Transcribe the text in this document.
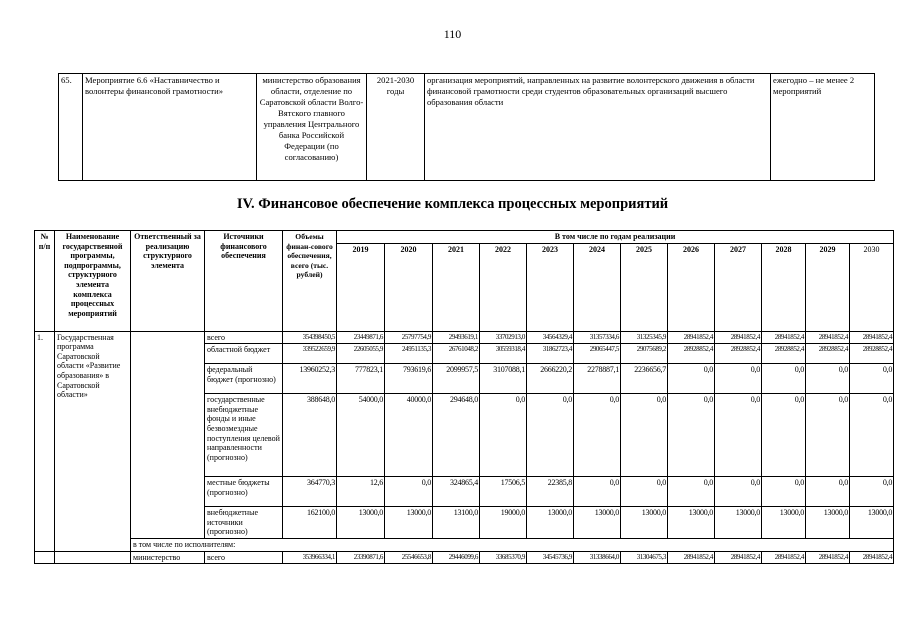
110
65.	Мероприятие 6.6 «Наставничество и волонтеры финансовой грамотности»	министерство образования области, отделение по Саратовской области Волго-Вятского главного управления Центрального банка Российской Федерации (по согласованию)	2021-2030 годы	организация мероприятий, направленных на развитие волонтерского движения в области финансовой грамотности среди студентов образовательных организаций высшего образования области	ежегодно – не менее 2 мероприятий
IV. Финансовое обеспечение комплекса процессных мероприятий
№ п/п	Наименование государственной программы, подпрограммы, структурного элемента комплекса процессных мероприятий	Ответственный за реализацию структурного элемента	Источники финансового обеспечения	Объемы финан-сового обеспечения, всего (тыс. рублей)	В том числе по годам реализации											
					2019	2020	2021	2022	2023	2024	2025	2026	2027	2028	2029	2030
1.	Государственная программа Саратовской области «Развитие образования» в Саратовской области»		всего	354398450,5	23449871,6	25797754,9	29493619,1	33702913,0	34564329,4	31357334,6	31325345,9	28941852,4	28941852,4	28941852,4	28941852,4	28941852,4
			областной бюджет	339522659,9	22605055,9	24951135,3	26761048,2	30559318,4	31862723,4	29065447,5	29075689,2	28928852,4	28928852,4	28928852,4	28928852,4	28928852,4
			федеральный бюджет (прогнозно)	13960252,3	777823,1	793619,6	2099957,5	3107088,1	2666220,2	2278887,1	2236656,7	0,0	0,0	0,0	0,0	0,0
			государственные внебюджетные фонды и иные безвозмездные поступления целевой направленности (прогнозно)	388648,0	54000,0	40000,0	294648,0	0,0	0,0	0,0	0,0	0,0	0,0	0,0	0,0	0,0
			местные бюджеты (прогнозно)	364770,3	12,6	0,0	324865,4	17506,5	22385,8	0,0	0,0	0,0	0,0	0,0	0,0	0,0
			внебюджетные источники (прогнозно)	162100,0	13000,0	13000,0	13100,0	19000,0	13000,0	13000,0	13000,0	13000,0	13000,0	13000,0	13000,0	13000,0
		в том числе по исполнителям:														
		министерство	всего	353966334,1	23390871,6	25546653,8	29446099,6	33685370,9	34545736,9	31338664,0	31304675,3	28941852,4	28941852,4	28941852,4	28941852,4	28941852,4
